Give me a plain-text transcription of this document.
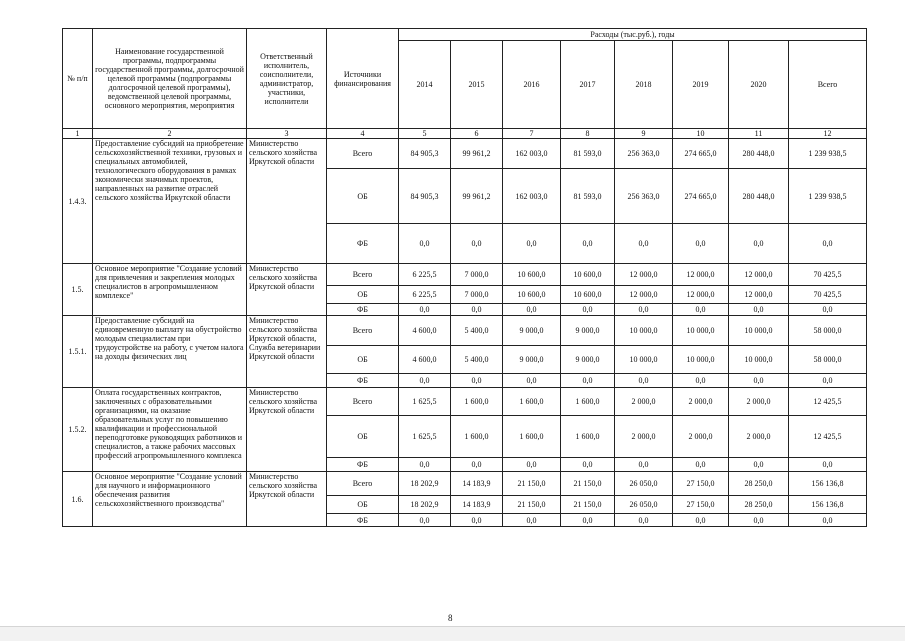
№ п/п	Наименование государственной программы, подпрограммы государственной программы, долгосрочной целевой программы (подпрограммы долгосрочной целевой программы), ведомственной целевой программы, основного мероприятия, мероприятия	Ответственный исполнитель, соисполнители, администратор, участники, исполнители	Источники финансирования	Расходы (тыс.руб.), годы							
				2014	2015	2016	2017	2018	2019	2020	Всего
1	2	3	4	5	6	7	8	9	10	11	12
1.4.3.	Предоставление субсидий на приобретение сельскохозяйственной техники, грузовых и специальных автомобилей, технологического оборудования в рамках экономически значимых проектов, направленных на развитие отраслей сельского хозяйства Иркутской области	Министерство сельского хозяйства Иркутской области	Всего	84 905,3	99 961,2	162 003,0	81 593,0	256 363,0	274 665,0	280 448,0	1 239 938,5
			ОБ	84 905,3	99 961,2	162 003,0	81 593,0	256 363,0	274 665,0	280 448,0	1 239 938,5
			ФБ	0,0	0,0	0,0	0,0	0,0	0,0	0,0	0,0
1.5.	Основное мероприятие "Создание условий для привлечения и закрепления молодых специалистов в агропромышленном комплексе"	Министерство сельского хозяйства Иркутской области	Всего	6 225,5	7 000,0	10 600,0	10 600,0	12 000,0	12 000,0	12 000,0	70 425,5
			ОБ	6 225,5	7 000,0	10 600,0	10 600,0	12 000,0	12 000,0	12 000,0	70 425,5
			ФБ	0,0	0,0	0,0	0,0	0,0	0,0	0,0	0,0
1.5.1.	Предоставление субсидий на единовременную выплату на обустройство молодым специалистам при трудоустройстве на работу, с учетом налога на доходы физических лиц	Министерство сельского хозяйства Иркутской области, Служба ветеринарии Иркутской области	Всего	4 600,0	5 400,0	9 000,0	9 000,0	10 000,0	10 000,0	10 000,0	58 000,0
			ОБ	4 600,0	5 400,0	9 000,0	9 000,0	10 000,0	10 000,0	10 000,0	58 000,0
			ФБ	0,0	0,0	0,0	0,0	0,0	0,0	0,0	0,0
1.5.2.	Оплата государственных контрактов, заключенных с образовательными организациями, на оказание образовательных услуг по повышению квалификации и профессиональной переподготовке руководящих работников и специалистов, а также рабочих массовых профессий агропромышленного комплекса	Министерство сельского хозяйства Иркутской области	Всего	1 625,5	1 600,0	1 600,0	1 600,0	2 000,0	2 000,0	2 000,0	12 425,5
			ОБ	1 625,5	1 600,0	1 600,0	1 600,0	2 000,0	2 000,0	2 000,0	12 425,5
			ФБ	0,0	0,0	0,0	0,0	0,0	0,0	0,0	0,0
1.6.	Основное мероприятие "Создание условий для научного и информационного обеспечения развития сельскохозяйственного производства"	Министерство сельского хозяйства Иркутской области	Всего	18 202,9	14 183,9	21 150,0	21 150,0	26 050,0	27 150,0	28 250,0	156 136,8
			ОБ	18 202,9	14 183,9	21 150,0	21 150,0	26 050,0	27 150,0	28 250,0	156 136,8
			ФБ	0,0	0,0	0,0	0,0	0,0	0,0	0,0	0,0
8
